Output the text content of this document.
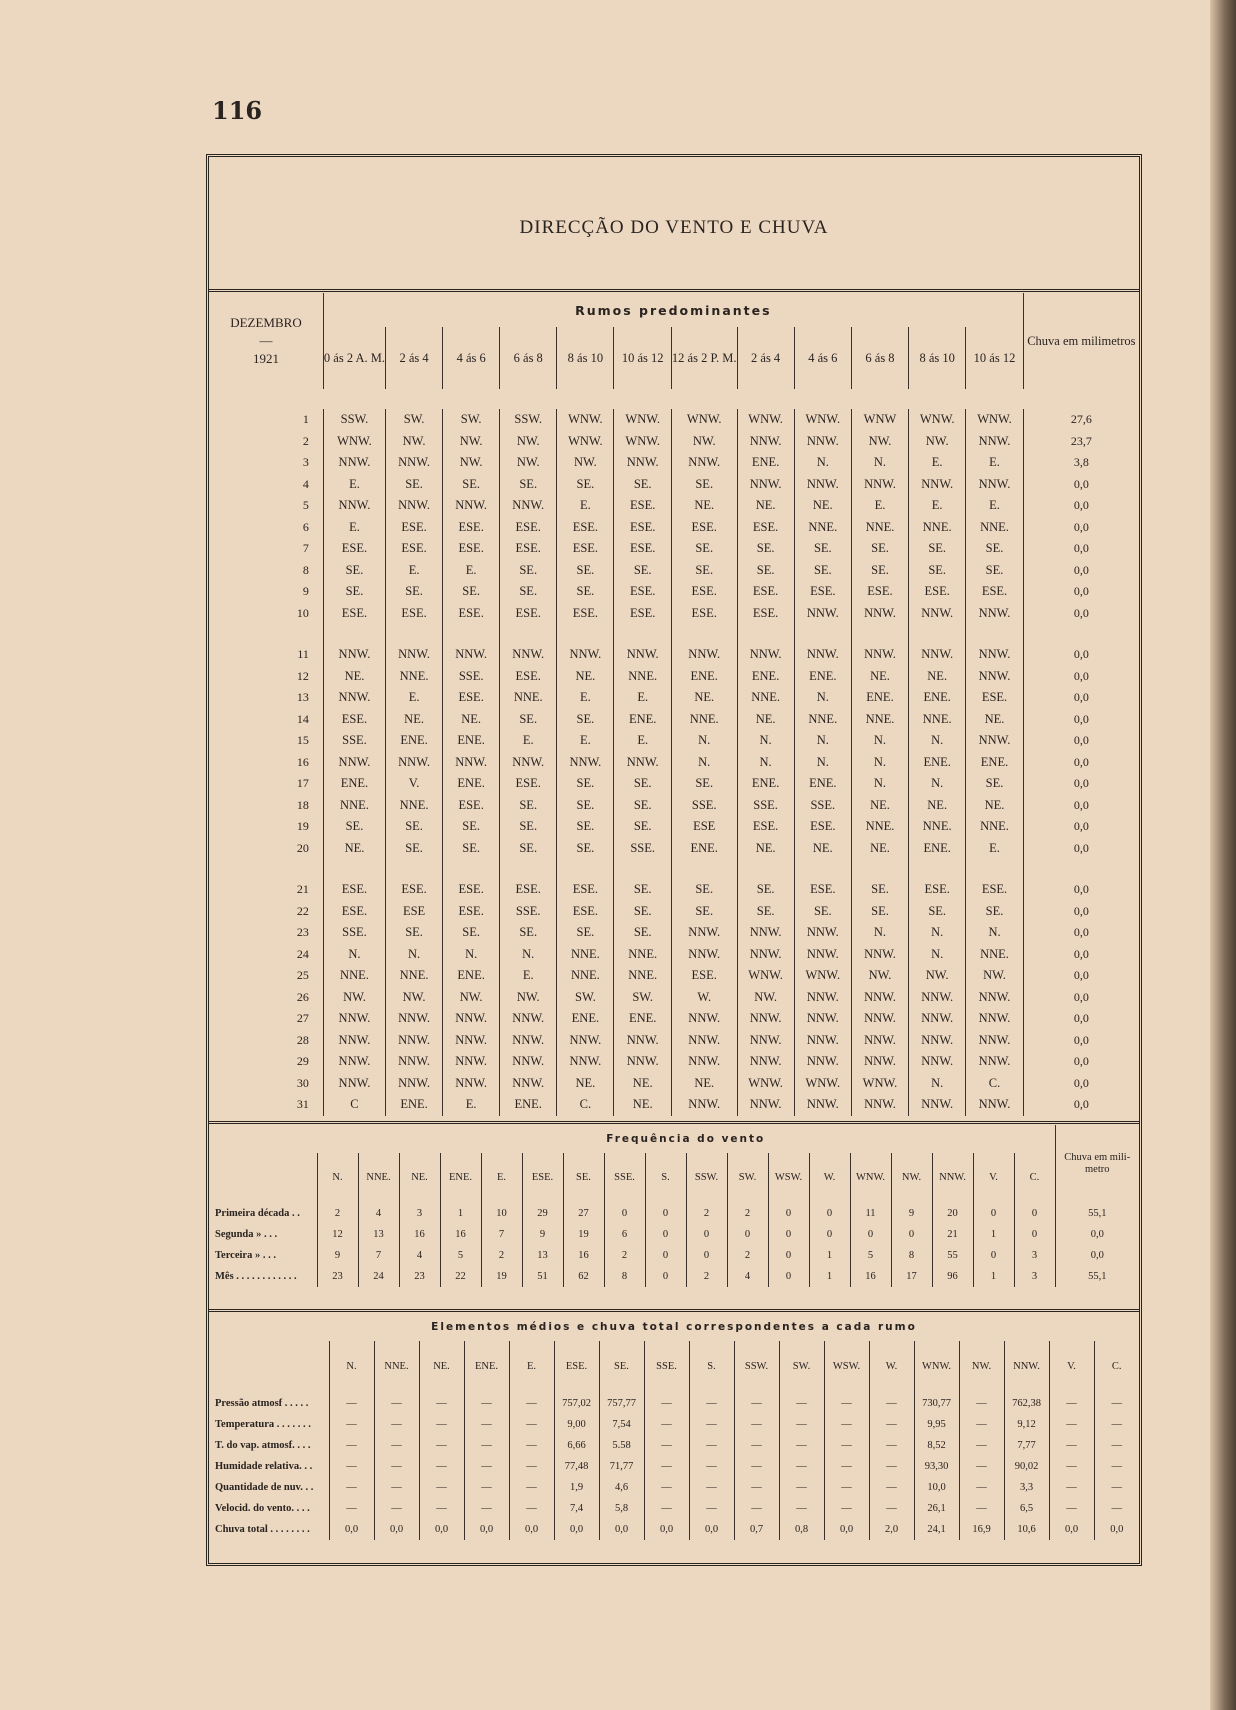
116
DIRECÇÃO DO VENTO E CHUVA
DEZEMBRO
—
1921	Rumos predominantes												Chuva em milimetros
	0 ás 2 A. M.	2 ás 4	4 ás 6	6 ás 8	8 ás 10	10 ás 12	12 ás 2 P. M.	2 ás 4	4 ás 6	6 ás 8	8 ás 10	10 ás 12	

1	SSW.	SW.	SW.	SSW.	WNW.	WNW.	WNW.	WNW.	WNW.	WNW	WNW.	WNW.	27,6
2	WNW.	NW.	NW.	NW.	WNW.	WNW.	NW.	NNW.	NNW.	NW.	NW.	NNW.	23,7
3	NNW.	NNW.	NW.	NW.	NW.	NNW.	NNW.	ENE.	N.	N.	E.	E.	3,8
4	E.	SE.	SE.	SE.	SE.	SE.	SE.	NNW.	NNW.	NNW.	NNW.	NNW.	0,0
5	NNW.	NNW.	NNW.	NNW.	E.	ESE.	NE.	NE.	NE.	E.	E.	E.	0,0
6	E.	ESE.	ESE.	ESE.	ESE.	ESE.	ESE.	ESE.	NNE.	NNE.	NNE.	NNE.	0,0
7	ESE.	ESE.	ESE.	ESE.	ESE.	ESE.	SE.	SE.	SE.	SE.	SE.	SE.	0,0
8	SE.	E.	E.	SE.	SE.	SE.	SE.	SE.	SE.	SE.	SE.	SE.	0,0
9	SE.	SE.	SE.	SE.	SE.	ESE.	ESE.	ESE.	ESE.	ESE.	ESE.	ESE.	0,0
10	ESE.	ESE.	ESE.	ESE.	ESE.	ESE.	ESE.	ESE.	NNW.	NNW.	NNW.	NNW.	0,0

11	NNW.	NNW.	NNW.	NNW.	NNW.	NNW.	NNW.	NNW.	NNW.	NNW.	NNW.	NNW.	0,0
12	NE.	NNE.	SSE.	ESE.	NE.	NNE.	ENE.	ENE.	ENE.	NE.	NE.	NNW.	0,0
13	NNW.	E.	ESE.	NNE.	E.	E.	NE.	NNE.	N.	ENE.	ENE.	ESE.	0,0
14	ESE.	NE.	NE.	SE.	SE.	ENE.	NNE.	NE.	NNE.	NNE.	NNE.	NE.	0,0
15	SSE.	ENE.	ENE.	E.	E.	E.	N.	N.	N.	N.	N.	NNW.	0,0
16	NNW.	NNW.	NNW.	NNW.	NNW.	NNW.	N.	N.	N.	N.	ENE.	ENE.	0,0
17	ENE.	V.	ENE.	ESE.	SE.	SE.	SE.	ENE.	ENE.	N.	N.	SE.	0,0
18	NNE.	NNE.	ESE.	SE.	SE.	SE.	SSE.	SSE.	SSE.	NE.	NE.	NE.	0,0
19	SE.	SE.	SE.	SE.	SE.	SE.	ESE	ESE.	ESE.	NNE.	NNE.	NNE.	0,0
20	NE.	SE.	SE.	SE.	SE.	SSE.	ENE.	NE.	NE.	NE.	ENE.	E.	0,0

21	ESE.	ESE.	ESE.	ESE.	ESE.	SE.	SE.	SE.	ESE.	SE.	ESE.	ESE.	0,0
22	ESE.	ESE	ESE.	SSE.	ESE.	SE.	SE.	SE.	SE.	SE.	SE.	SE.	0,0
23	SSE.	SE.	SE.	SE.	SE.	SE.	NNW.	NNW.	NNW.	N.	N.	N.	0,0
24	N.	N.	N.	N.	NNE.	NNE.	NNW.	NNW.	NNW.	NNW.	N.	NNE.	0,0
25	NNE.	NNE.	ENE.	E.	NNE.	NNE.	ESE.	WNW.	WNW.	NW.	NW.	NW.	0,0
26	NW.	NW.	NW.	NW.	SW.	SW.	W.	NW.	NNW.	NNW.	NNW.	NNW.	0,0
27	NNW.	NNW.	NNW.	NNW.	ENE.	ENE.	NNW.	NNW.	NNW.	NNW.	NNW.	NNW.	0,0
28	NNW.	NNW.	NNW.	NNW.	NNW.	NNW.	NNW.	NNW.	NNW.	NNW.	NNW.	NNW.	0,0
29	NNW.	NNW.	NNW.	NNW.	NNW.	NNW.	NNW.	NNW.	NNW.	NNW.	NNW.	NNW.	0,0
30	NNW.	NNW.	NNW.	NNW.	NE.	NE.	NE.	WNW.	WNW.	WNW.	N.	C.	0,0
31	C	ENE.	E.	ENE.	C.	NE.	NNW.	NNW.	NNW.	NNW.	NNW.	NNW.	0,0
	Frequência do vento																		Chuva em mili-metro
	N.	NNE.	NE.	ENE.	E.	ESE.	SE.	SSE.	S.	SSW.	SW.	WSW.	W.	WNW.	NW.	NNW.	V.	C.	
Primeira década . .	2	4	3	1	10	29	27	0	0	2	2	0	0	11	9	20	0	0	55,1
Segunda » . . .	12	13	16	16	7	9	19	6	0	0	0	0	0	0	0	21	1	0	0,0
Terceira » . . .	9	7	4	5	2	13	16	2	0	0	2	0	1	5	8	55	0	3	0,0
Mês . . . . . . . . . . . .	23	24	23	22	19	51	62	8	0	2	4	0	1	16	17	96	1	3	55,1
Elementos médios e chuva total correspondentes a cada rumo																		
	N.	NNE.	NE.	ENE.	E.	ESE.	SE.	SSE.	S.	SSW.	SW.	WSW.	W.	WNW.	NW.	NNW.	V.	C.
Pressão atmosf . . . . .	—	—	—	—	—	757,02	757,77	—	—	—	—	—	—	730,77	—	762,38	—	—
Temperatura . . . . . . .	—	—	—	—	—	9,00	7,54	—	—	—	—	—	—	9,95	—	9,12	—	—
T. do vap. atmosf. . . .	—	—	—	—	—	6,66	5.58	—	—	—	—	—	—	8,52	—	7,77	—	—
Humidade relativa. . .	—	—	—	—	—	77,48	71,77	—	—	—	—	—	—	93,30	—	90,02	—	—
Quantidade de nuv. . .	—	—	—	—	—	1,9	4,6	—	—	—	—	—	—	10,0	—	3,3	—	—
Velocid. do vento. . . .	—	—	—	—	—	7,4	5,8	—	—	—	—	—	—	26,1	—	6,5	—	—
Chuva total . . . . . . . .	0,0	0,0	0,0	0,0	0,0	0,0	0,0	0,0	0,0	0,7	0,8	0,0	2,0	24,1	16,9	10,6	0,0	0,0
